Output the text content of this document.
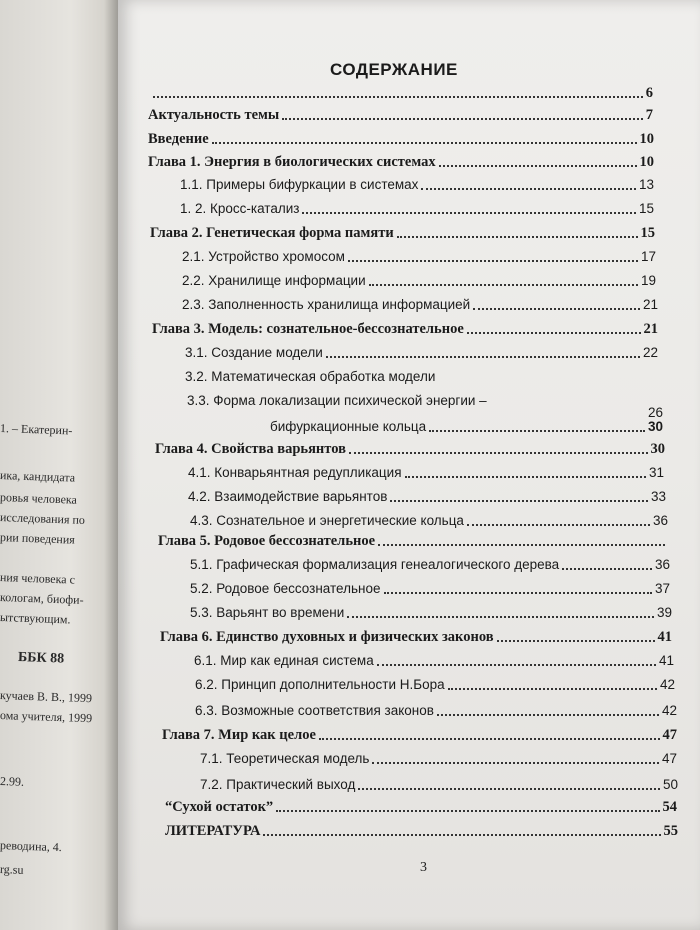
1. – Екатерин-
ика, кандидата
ровья человека
исследования по
рии поведения
ния человека с
кологам, биофи-
ытствующим.
ББК 88
кучаев В. В., 1999
ома учителя, 1999
2.99.
реводина, 4.
rg.su
СОДЕРЖАНИЕ
6
Актуальность темы	7
Введение	10
Глава 1. Энергия в биологических системах	10
1.1. Примеры бифуркации в системах	13
1. 2. Кросс-катализ	15
Глава 2. Генетическая форма памяти	15
2.1. Устройство хромосом	17
2.2. Хранилище информации	19
2.3. Заполненность хранилища информацией	21
Глава 3. Модель: сознательное-бессознательное	21
3.1. Создание модели	22
3.2. Математическая обработка модели
3.3. Форма локализации психической энергии –
26
бифуркационные кольца	30
Глава 4. Свойства варьянтов	30
4.1. Конварьянтная редупликация	31
4.2. Взаимодействие варьянтов	33
4.3. Сознательное и энергетические кольца	36
Глава 5. Родовое бессознательное
5.1. Графическая формализация генеалогического дерева	36
5.2. Родовое бессознательное	37
5.3. Варьянт во времени	39
Глава 6. Единство духовных и физических законов	41
6.1. Мир как единая система	41
6.2. Принцип дополнительности Н.Бора	42
6.3. Возможные соответствия законов	42
Глава 7. Мир как целое	47
7.1. Теоретическая модель	47
7.2. Практический выход	50
“Сухой остаток”	54
ЛИТЕРАТУРА	55
3
